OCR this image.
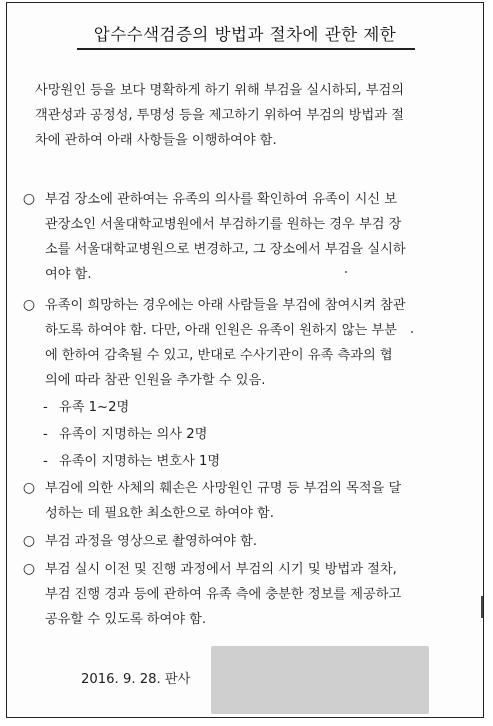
압수수색검증의 방법과 절차에 관한 제한
사망원인 등을 보다 명확하게 하기 위해 부검을 실시하되, 부검의
객관성과 공정성, 투명성 등을 제고하기 위하여 부검의 방법과 절
차에 관하여 아래 사항들을 이행하여야 함.
○ 부검 장소에 관하여는 유족의 의사를 확인하여 유족이 시신 보
관장소인 서울대학교병원에서 부검하기를 원하는 경우 부검 장
소를 서울대학교병원으로 변경하고, 그 장소에서 부검을 실시하
여야 함.
○ 유족이 희망하는 경우에는 아래 사람들을 부검에 참여시켜 참관
하도록 하여야 함. 다만, 아래 인원은 유족이 원하지 않는 부분
에 한하여 감축될 수 있고, 반대로 수사기관이 유족 측과의 협
의에 따라 참관 인원을 추가할 수 있음.
- 유족 1~2명
- 유족이 지명하는 의사 2명
- 유족이 지명하는 변호사 1명
○ 부검에 의한 사체의 훼손은 사망원인 규명 등 부검의 목적을 달
성하는 데 필요한 최소한으로 하여야 함.
○ 부검 과정을 영상으로 촬영하여야 함.
○ 부검 실시 이전 및 진행 과정에서 부검의 시기 및 방법과 절차,
부검 진행 경과 등에 관하여 유족 측에 충분한 정보를 제공하고
공유할 수 있도록 하여야 함.
2016. 9. 28. 판사
